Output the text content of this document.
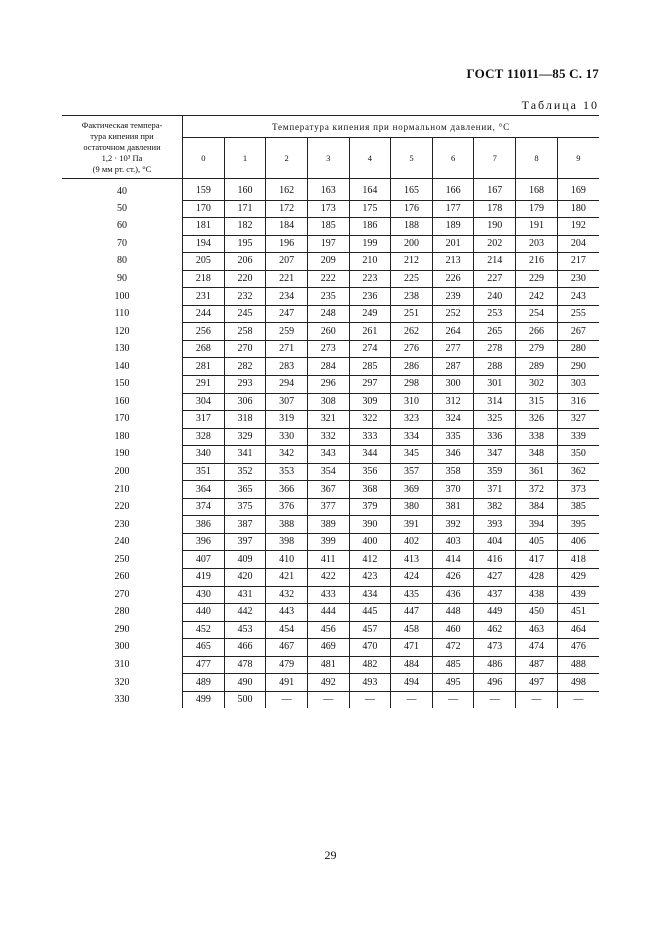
ГОСТ 11011—85 С. 17
Таблица 10
Фактическая темпера-
тура кипения при
остаточном давлении
1,2 · 10³ Па
(9 мм рт. ст.), °С	Температура кипения при нормальном давлении, °С									
	0	1	2	3	4	5	6	7	8	9
40	159	160	162	163	164	165	166	167	168	169
50	170	171	172	173	175	176	177	178	179	180
60	181	182	184	185	186	188	189	190	191	192
70	194	195	196	197	199	200	201	202	203	204
80	205	206	207	209	210	212	213	214	216	217
90	218	220	221	222	223	225	226	227	229	230
100	231	232	234	235	236	238	239	240	242	243
110	244	245	247	248	249	251	252	253	254	255
120	256	258	259	260	261	262	264	265	266	267
130	268	270	271	273	274	276	277	278	279	280
140	281	282	283	284	285	286	287	288	289	290
150	291	293	294	296	297	298	300	301	302	303
160	304	306	307	308	309	310	312	314	315	316
170	317	318	319	321	322	323	324	325	326	327
180	328	329	330	332	333	334	335	336	338	339
190	340	341	342	343	344	345	346	347	348	350
200	351	352	353	354	356	357	358	359	361	362
210	364	365	366	367	368	369	370	371	372	373
220	374	375	376	377	379	380	381	382	384	385
230	386	387	388	389	390	391	392	393	394	395
240	396	397	398	399	400	402	403	404	405	406
250	407	409	410	411	412	413	414	416	417	418
260	419	420	421	422	423	424	426	427	428	429
270	430	431	432	433	434	435	436	437	438	439
280	440	442	443	444	445	447	448	449	450	451
290	452	453	454	456	457	458	460	462	463	464
300	465	466	467	469	470	471	472	473	474	476
310	477	478	479	481	482	484	485	486	487	488
320	489	490	491	492	493	494	495	496	497	498
330	499	500	—	—	—	—	—	—	—	—
29
